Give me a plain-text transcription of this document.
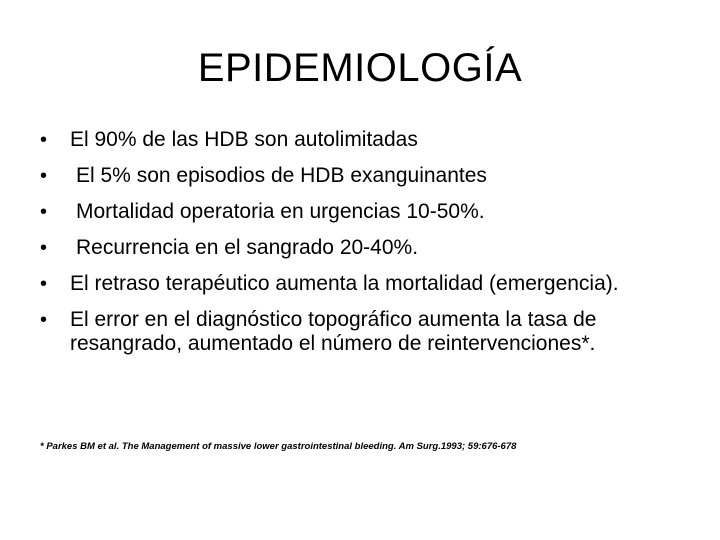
EPIDEMIOLOGÍA
•	El 90% de las HDB son autolimitadas
•	El 5% son episodios de HDB exanguinantes
•	Mortalidad operatoria en urgencias 10-50%.
•	Recurrencia en el sangrado 20-40%.
•	El retraso terapéutico aumenta la mortalidad (emergencia).
•	El error en el diagnóstico topográfico aumenta la tasa de resangrado, aumentado el número de reintervenciones*.
* Parkes BM et al. The Management of massive lower gastrointestinal bleeding. Am Surg.1993; 59:676-678
